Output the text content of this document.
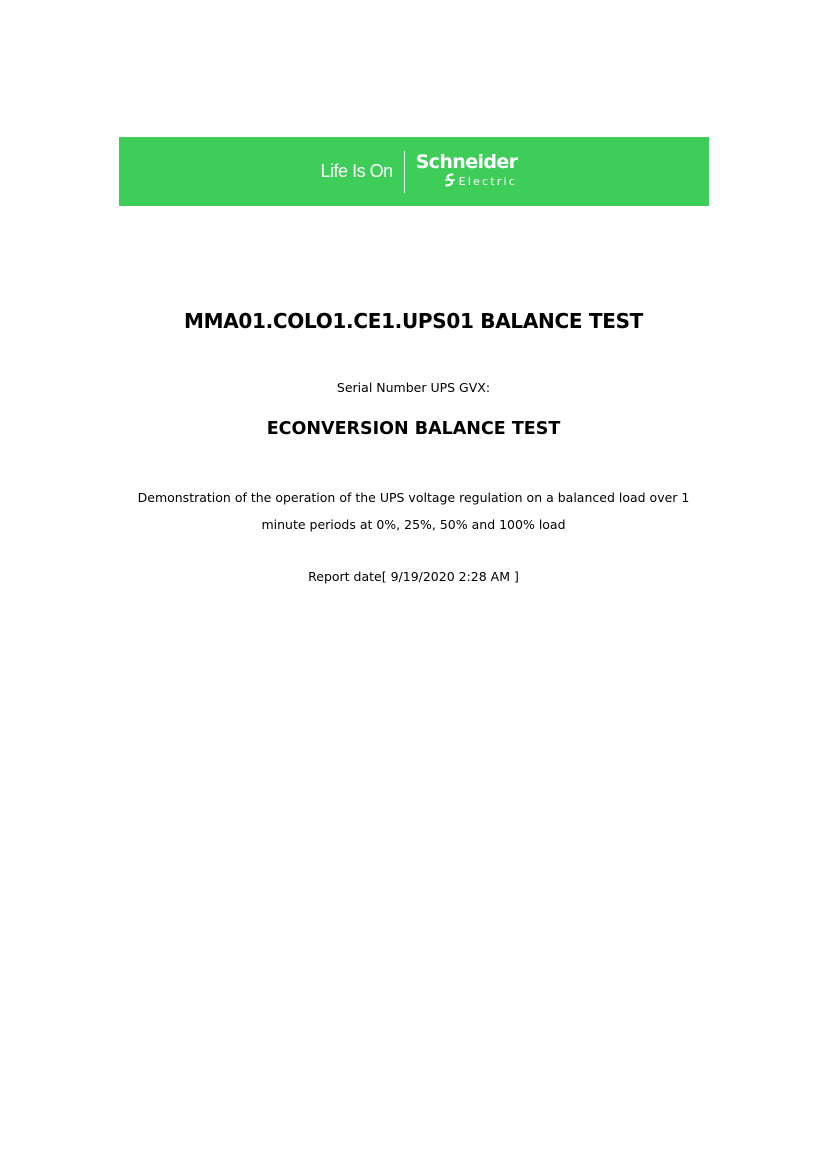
Life Is On Schneider
Electric
MMA01.COLO1.CE1.UPS01 BALANCE TEST
Serial Number UPS GVX:
ECONVERSION BALANCE TEST
Demonstration of the operation of the UPS voltage regulation on a balanced load over 1 minute periods at 0%, 25%, 50% and 100% load
Report date[ 9/19/2020 2:28 AM ]
